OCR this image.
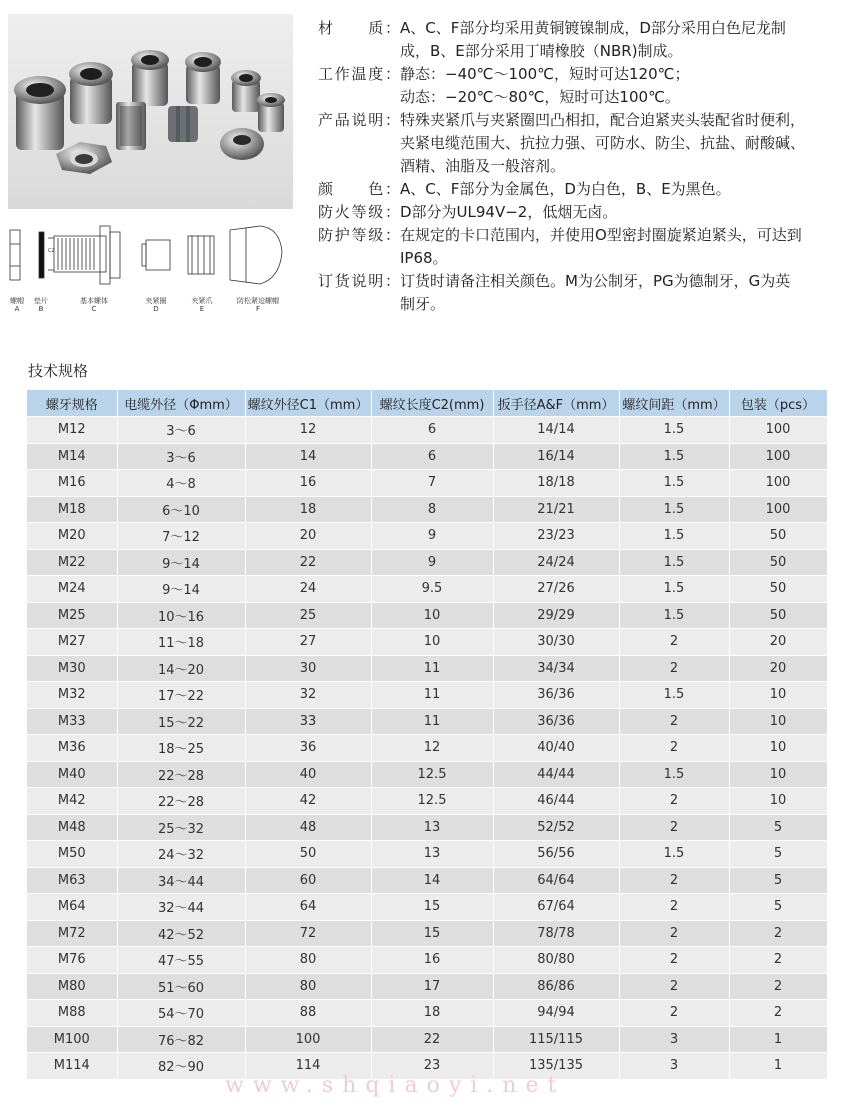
C2
螺帽
A
垫片
B
基本螺体
C
夹紧圈
D
夹紧爪
E
防松紧迫螺帽
F
材　　质： A、C、F部分均采用黄铜镀镍制成，D部分采用白色尼龙制
成，B、E部分采用丁晴橡胶（NBR)制成。
工作温度： 静态：−40℃～100℃，短时可达120℃；
动态：−20℃～80℃，短时可达100℃。
产品说明： 特殊夹紧爪与夹紧圈凹凸相扣，配合迫紧夹头装配省时便利，
夹紧电缆范围大、抗拉力强、可防水、防尘、抗盐、耐酸碱、
酒精、油脂及一般溶剂。
颜　　色： A、C、F部分为金属色，D为白色，B、E为黑色。
防火等级： D部分为UL94V−2，低烟无卤。
防护等级： 在规定的卡口范围内，并使用O型密封圈旋紧迫紧头，可达到
IP68。
订货说明： 订货时请备注相关颜色。M为公制牙，PG为德制牙，G为英
制牙。
技术规格
螺牙规格	电缆外径（Φmm）	螺纹外径C1（mm）	螺纹长度C2(mm)	扳手径A&F（mm）	螺纹间距（mm）	包装（pcs）
M12	3～6	12	6	14/14	1.5	100
M14	3～6	14	6	16/14	1.5	100
M16	4～8	16	7	18/18	1.5	100
M18	6～10	18	8	21/21	1.5	100
M20	7～12	20	9	23/23	1.5	50
M22	9～14	22	9	24/24	1.5	50
M24	9～14	24	9.5	27/26	1.5	50
M25	10～16	25	10	29/29	1.5	50
M27	11～18	27	10	30/30	2	20
M30	14～20	30	11	34/34	2	20
M32	17～22	32	11	36/36	1.5	10
M33	15～22	33	11	36/36	2	10
M36	18～25	36	12	40/40	2	10
M40	22～28	40	12.5	44/44	1.5	10
M42	22～28	42	12.5	46/44	2	10
M48	25～32	48	13	52/52	2	5
M50	24～32	50	13	56/56	1.5	5
M63	34～44	60	14	64/64	2	5
M64	32～44	64	15	67/64	2	5
M72	42～52	72	15	78/78	2	2
M76	47～55	80	16	80/80	2	2
M80	51～60	80	17	86/86	2	2
M88	54～70	88	18	94/94	2	2
M100	76～82	100	22	115/115	3	1
M114	82～90	114	23	135/135	3	1
www.shqiaoyi.net
